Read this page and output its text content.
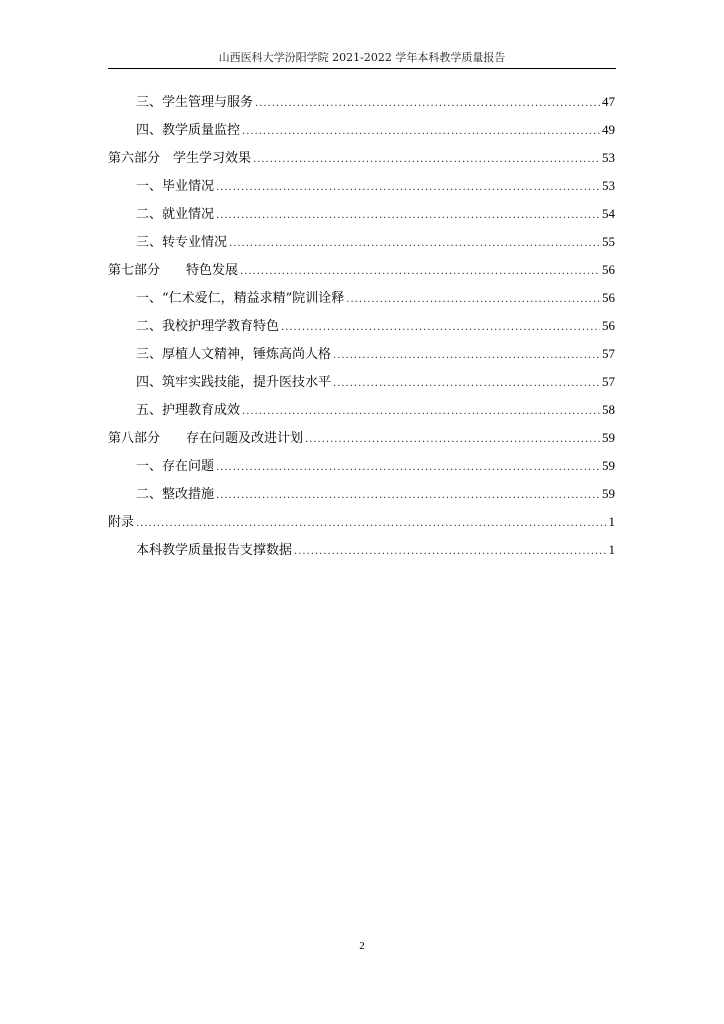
山西医科大学汾阳学院 2021-2022 学年本科教学质量报告
三、学生管理与服务 .....	47
四、教学质量监控 .....	49
第六部分　学生学习效果 .....	53
一、毕业情况 .....	53
二、就业情况 .....	54
三、转专业情况 .....	55
第七部分　　特色发展 .....	56
一、“仁术爱仁，精益求精”院训诠释 .....	56
二、我校护理学教育特色 .....	56
三、厚植人文精神，锤炼高尚人格 .....	57
四、筑牢实践技能，提升医技水平 .....	57
五、护理教育成效 .....	58
第八部分　　存在问题及改进计划 .....	59
一、存在问题 .....	59
二、整改措施 .....	59
附录 .....	1
本科教学质量报告支撑数据 .....	1
2
